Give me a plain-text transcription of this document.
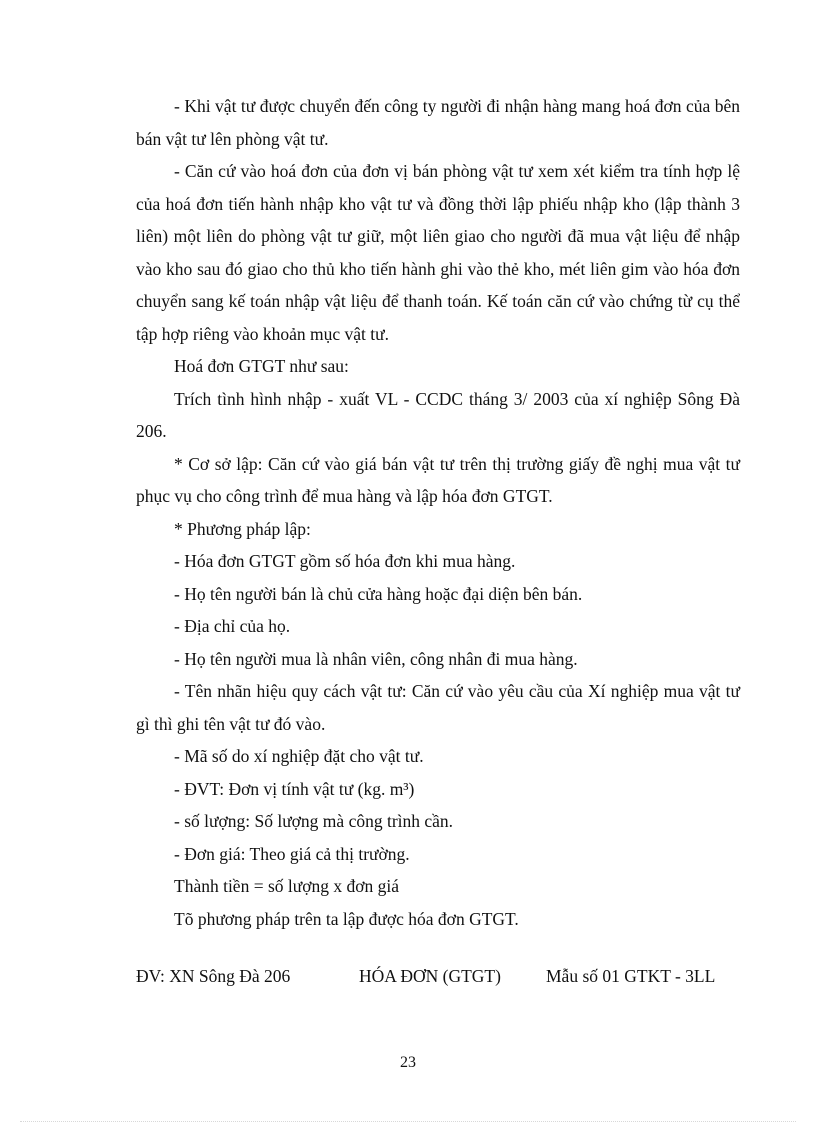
- Khi vật tư được chuyển đến công ty người đi nhận hàng mang hoá đơn của bên bán vật tư lên phòng vật tư.

- Căn cứ vào hoá đơn của đơn vị bán phòng vật tư xem xét kiểm tra tính hợp lệ của hoá đơn tiến hành nhập kho vật tư và đồng thời lập phiếu nhập kho (lập thành 3 liên) một liên do phòng vật tư giữ, một liên giao cho người đã mua vật liệu để nhập vào kho sau đó giao cho thủ kho tiến hành ghi vào thẻ kho, mét liên gim vào hóa đơn chuyển sang kế toán nhập vật liệu để thanh toán. Kế toán căn cứ vào chứng từ cụ thể tập hợp riêng vào khoản mục vật tư.

Hoá đơn GTGT như sau:

Trích tình hình nhập - xuất VL - CCDC tháng 3/ 2003 của xí nghiệp Sông Đà 206.

* Cơ sở lập: Căn cứ vào giá bán vật tư trên thị trường giấy đề nghị mua vật tư phục vụ cho công trình để mua hàng và lập hóa đơn GTGT.

* Phương pháp lập:

- Hóa đơn GTGT gồm số hóa đơn khi mua hàng.

- Họ tên người bán là chủ cửa hàng hoặc đại diện bên bán.

- Địa chỉ của họ.

- Họ tên người mua là nhân viên, công nhân đi mua hàng.

- Tên nhãn hiệu quy cách vật tư: Căn cứ vào yêu cầu của Xí nghiệp mua vật tư gì thì ghi tên vật tư đó vào.

- Mã số do xí nghiệp đặt cho vật tư.

- ĐVT: Đơn vị tính vật tư (kg. m³)

- số lượng: Số lượng mà công trình cần.

- Đơn giá: Theo giá cả thị trường.

Thành tiền = số lượng x đơn giá

Tõ phương pháp trên ta lập được hóa đơn GTGT.

ĐV: XN Sông Đà 206	HÓA ĐƠN (GTGT)	Mẫu số 01 GTKT - 3LL
23
